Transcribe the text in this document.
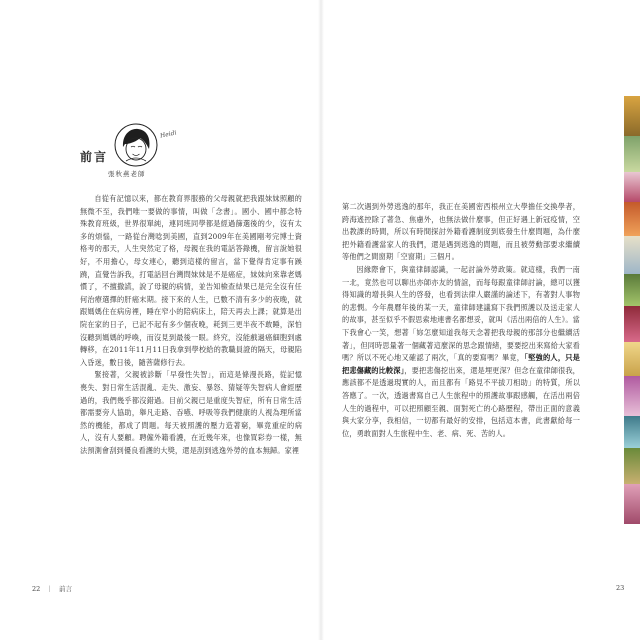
前言
Heidi
張秋燕老師

自從有記憶以來，都在教育界服務的父母親就把我跟妹妹照顧的無微不至，我們唯一要做的事情，叫做「念書」。國小、國中都念特殊教育班級，世界很單純，連同班同學都是經過篩選後的少，沒有太多的煩惱，一路從台灣唸到美國，直到2009年在美國剛考完博士資格考的那天，人生突然定了格，母親在我的電話答錄機，留言說她很好，不用擔心，母女連心，聽到這樣的留言，當下覺得肯定事有蹊蹺，直覺告訴我，打電話回台灣問妹妹是不是癌症，妹妹向來靠老媽慣了，不擅撒謊，說了母親的病情，並告知檢查結果已是完全沒有任何治療選擇的肝癌末期。接下來的人生，已數不清有多少的夜晚，就跟媽媽住在病房裡，睡在窄小的陪病床上，陪天再去上課；就算是出院在家的日子，已記不起有多少個夜晚，耗到三更半夜不敢睡，深怕沒聽到媽媽的呼喚，而沒見到最後一眼。終究，沒能戲過癌細胞到處轉移，在2011年11月11日我拿到學校給的教職員證的隔天，母親陷入昏迷，數日後，隨菩薩修行去。

緊接著，父親被診斷「早發性失智」，而這是條漫長路，從記憶喪失、對日常生活混亂、走失、激妄、暴怒、猜疑等失智病人會經歷過的，我們幾乎都沒錯過。目前父親已是重度失智症，所有日常生活都需要旁人協助，舉凡走路、吞嚥、呼吸等我們健康的人視為理所當然的機能，都成了問題。每天被照護的壓力造著窮，畢竟重症的病人，沒有人要顧。聘僱外籍看護，在近幾年來，也像買彩券一樣，無法預測會刮到優良看護的大獎，還是刮到逃逸外勞的血本無歸。家裡

22 ｜ 前言

第二次遇到外勞逃逸的那年，我正在美國密西根州立大學擔任交換學者，跨海遙控除了著急、焦慮外，也無法做什麼事，但正好遇上新冠疫情，空出教課的時間，所以有時間探討外籍看護制度到底發生什麼問題，為什麼把外籍看護當家人的我們，還是遇到逃逸的問題，而且被勞動部要求繼續等他們之間窗期「空窗期」三個月。

因緣際會下，與童律師認識，一起討論外勞政策。就這樣，我們一南一北，竟然也可以聊出亦師亦友的情誼，而每每跟童律師討論，總可以獲得知識的增長與人生的啓發，也看到法律人嚴謹的論述下，有著對人事物的悲憫。今年農曆年後的某一天，童律師建議寫下我們照護以及送走家人的故事，甚至似乎不假思索地連書名都想妥，就叫《活出兩倍的人生》。當下我會心一笑，想著「妳怎麼知道我每天念著把我母親的那部分也繼續活著」，但同時思量著一個藏著這麼深的思念跟情緒，要要挖出來寫給大家看嗎？所以不死心地又確認了兩次，「真的要寫嗎？畢竟，「堅強的人，只是把悲傷藏的比較深」，要把悲傷挖出來，還是埋更深？但念在童律師很我，應該都不是透過現實的人，而且都有「路見不平拔刀相助」的特質，所以答應了。一次，透過書寫自己人生旅程中的照護故事跟感觸，在活出兩倍人生的過程中，可以把照顧至親、面對死亡的心路歷程，帶出正面的意義與大家分享，我相信，一切都有最好的安排，包括這本書，此書獻給每一位，勇敢面對人生旅程中生、老、病、死、苦的人。

23
